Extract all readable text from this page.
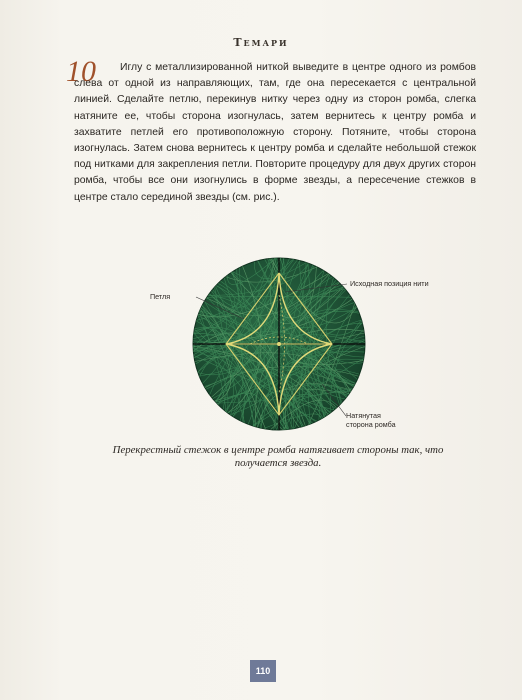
Темари
10	Иглу с металлизированной ниткой выведите в центре одного из ромбов слева от одной из направляющих, там, где она пересекается с центральной линией. Сделайте петлю, перекинув нитку через одну из сторон ромба, слегка натяните ее, чтобы сторона изогнулась, затем вернитесь к центру ромба и захватите петлей его противоположную сторону. Потяните, чтобы сторона изогнулась. Затем снова вернитесь к центру ромба и сделайте небольшой стежок под нитками для закрепления петли. Повторите процедуру для двух других сторон ромба, чтобы все они изогнулись в форме звезды, а пересечение стежков в центре стало серединой звезды (см. рис.).
Петля
Исходная позиция нити
Натянутая
сторона ромба
Перекрестный стежок в центре ромба натягивает стороны так, что получается звезда.
110
